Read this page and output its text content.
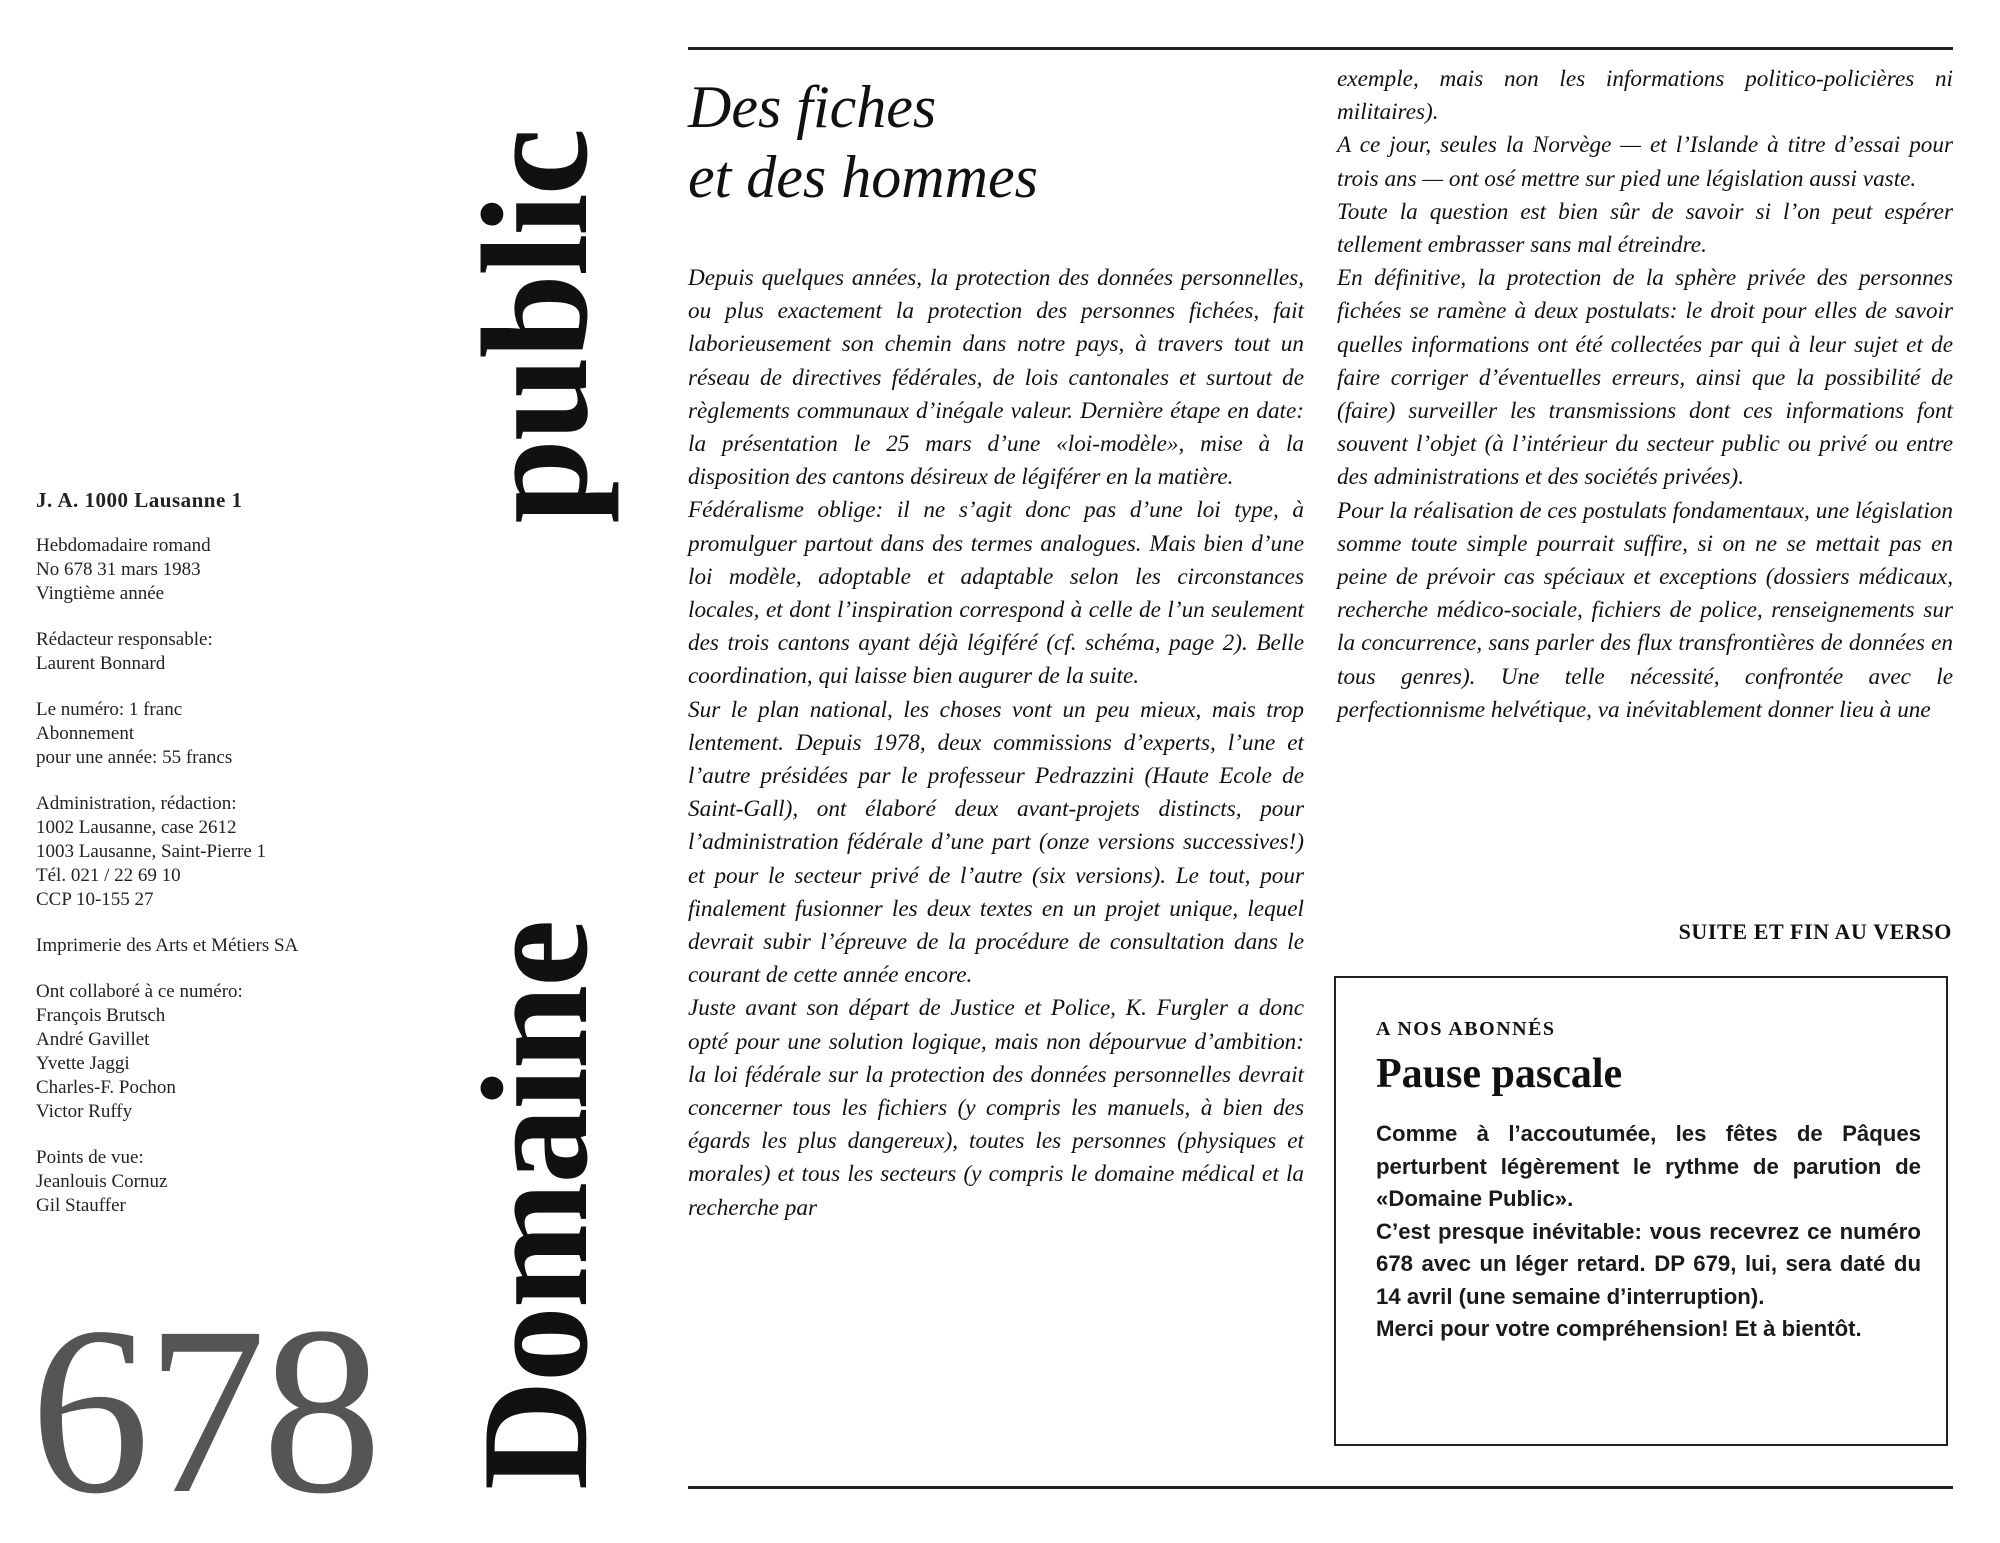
J. A. 1000 Lausanne 1
Hebdomadaire romand
No 678 31 mars 1983
Vingtième année
Rédacteur responsable:
Laurent Bonnard
Le numéro: 1 franc
Abonnement
pour une année: 55 francs
Administration, rédaction:
1002 Lausanne, case 2612
1003 Lausanne, Saint-Pierre 1
Tél. 021 / 22 69 10
CCP 10-155 27
Imprimerie des Arts et Métiers SA
Ont collaboré à ce numéro:
François Brutsch
André Gavillet
Yvette Jaggi
Charles-F. Pochon
Victor Ruffy
Points de vue:
Jeanlouis Cornuz
Gil Stauffer
678 Domaine
public
Des fiches
et des hommes

Depuis quelques années, la protection des données personnelles, ou plus exactement la protection des personnes fichées, fait laborieusement son chemin dans notre pays, à travers tout un réseau de directives fédérales, de lois cantonales et surtout de règlements communaux d’inégale valeur. Dernière étape en date: la présentation le 25 mars d’une «loi-modèle», mise à la disposition des cantons désireux de légiférer en la matière.

Fédéralisme oblige: il ne s’agit donc pas d’une loi type, à promulguer partout dans des termes analogues. Mais bien d’une loi modèle, adoptable et adaptable selon les circonstances locales, et dont l’inspiration correspond à celle de l’un seulement des trois cantons ayant déjà légiféré (cf. schéma, page 2). Belle coordination, qui laisse bien augurer de la suite.

Sur le plan national, les choses vont un peu mieux, mais trop lentement. Depuis 1978, deux commissions d’experts, l’une et l’autre présidées par le professeur Pedrazzini (Haute Ecole de Saint-Gall), ont élaboré deux avant-projets distincts, pour l’administration fédérale d’une part (onze versions successives!) et pour le secteur privé de l’autre (six versions). Le tout, pour finalement fusionner les deux textes en un projet unique, lequel devrait subir l’épreuve de la procédure de consultation dans le courant de cette année encore.

Juste avant son départ de Justice et Police, K. Furgler a donc opté pour une solution logique, mais non dépourvue d’ambition: la loi fédérale sur la protection des données personnelles devrait concerner tous les fichiers (y compris les manuels, à bien des égards les plus dangereux), toutes les personnes (physiques et morales) et tous les secteurs (y compris le domaine médical et la recherche par

exemple, mais non les informations politico-policières ni militaires).

A ce jour, seules la Norvège — et l’Islande à titre d’essai pour trois ans — ont osé mettre sur pied une législation aussi vaste.

Toute la question est bien sûr de savoir si l’on peut espérer tellement embrasser sans mal étreindre.

En définitive, la protection de la sphère privée des personnes fichées se ramène à deux postulats: le droit pour elles de savoir quelles informations ont été collectées par qui à leur sujet et de faire corriger d’éventuelles erreurs, ainsi que la possibilité de (faire) surveiller les transmissions dont ces informations font souvent l’objet (à l’intérieur du secteur public ou privé ou entre des administrations et des sociétés privées).

Pour la réalisation de ces postulats fondamentaux, une législation somme toute simple pourrait suffire, si on ne se mettait pas en peine de prévoir cas spéciaux et exceptions (dossiers médicaux, recherche médico-sociale, fichiers de police, renseignements sur la concurrence, sans parler des flux transfrontières de données en tous genres). Une telle nécessité, confrontée avec le perfectionnisme helvétique, va inévitablement donner lieu à une

SUITE ET FIN AU VERSO
A NOS ABONNÉS
Pause pascale

Comme à l’accoutumée, les fêtes de Pâques perturbent légèrement le rythme de parution de «Domaine Public».

C’est presque inévitable: vous recevrez ce numéro 678 avec un léger retard. DP 679, lui, sera daté du 14 avril (une semaine d’interruption).

Merci pour votre compréhension! Et à bientôt.
